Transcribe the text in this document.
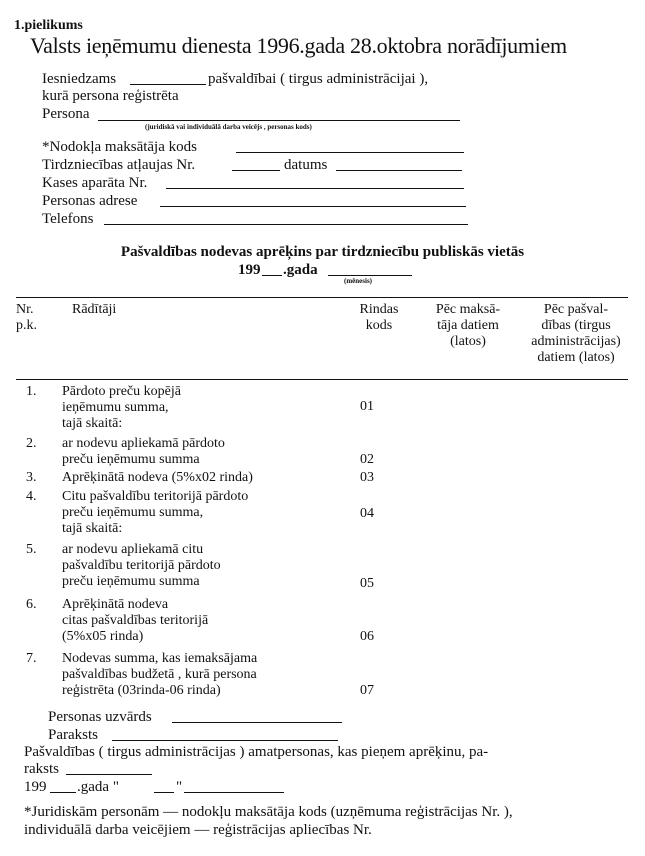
1.pielikums
Valsts ieņēmumu dienesta 1996.gada 28.oktobra norādījumiem
Iesniedzams	pašvaldībai ( tirgus administrācijai ),
kurā persona reģistrēta
Persona
(juridiskā vai individuālā darba veicējs , personas kods)
*Nodokļa maksātāja kods
Tirdzniecības atļaujas Nr.	datums
Kases aparāta Nr.
Personas adrese
Telefons
Pašvaldības nodevas aprēķins par tirdzniecību publiskās vietās
199 .gada
(mēnesis)
Nr.
p.k.
Rādītāji	Rindas
kods
Pēc maksā-
tāja datiem
(latos)
Pēc pašval-
dības (tirgus
administrācijas)
datiem (latos)
1. Pārdoto preču kopējā
ieņēmumu summa,
tajā skaitā:
01
2. ar nodevu apliekamā pārdoto
preču ieņēmumu summa	02
3. Aprēķinātā nodeva (5%x02 rinda)	03
4. Citu pašvaldību teritorijā pārdoto
preču ieņēmumu summa,
tajā skaitā:
04
5. ar nodevu apliekamā citu
pašvaldību teritorijā pārdoto
preču ieņēmumu summa	05
6. Aprēķinātā nodeva
citas pašvaldības teritorijā
(5%x05 rinda)	06
7. Nodevas summa, kas iemaksājama
pašvaldības budžetā , kurā persona
reģistrēta (03rinda-06 rinda)	07
Personas uzvārds
Paraksts
Pašvaldības ( tirgus administrācijas ) amatpersonas, kas pieņem aprēķinu, pa-
raksts
199 .gada "	"
*Juridiskām personām — nodokļu maksātāja kods (uzņēmuma reģistrācijas Nr. ),
individuālā darba veicējiem — reģistrācijas apliecības Nr.
